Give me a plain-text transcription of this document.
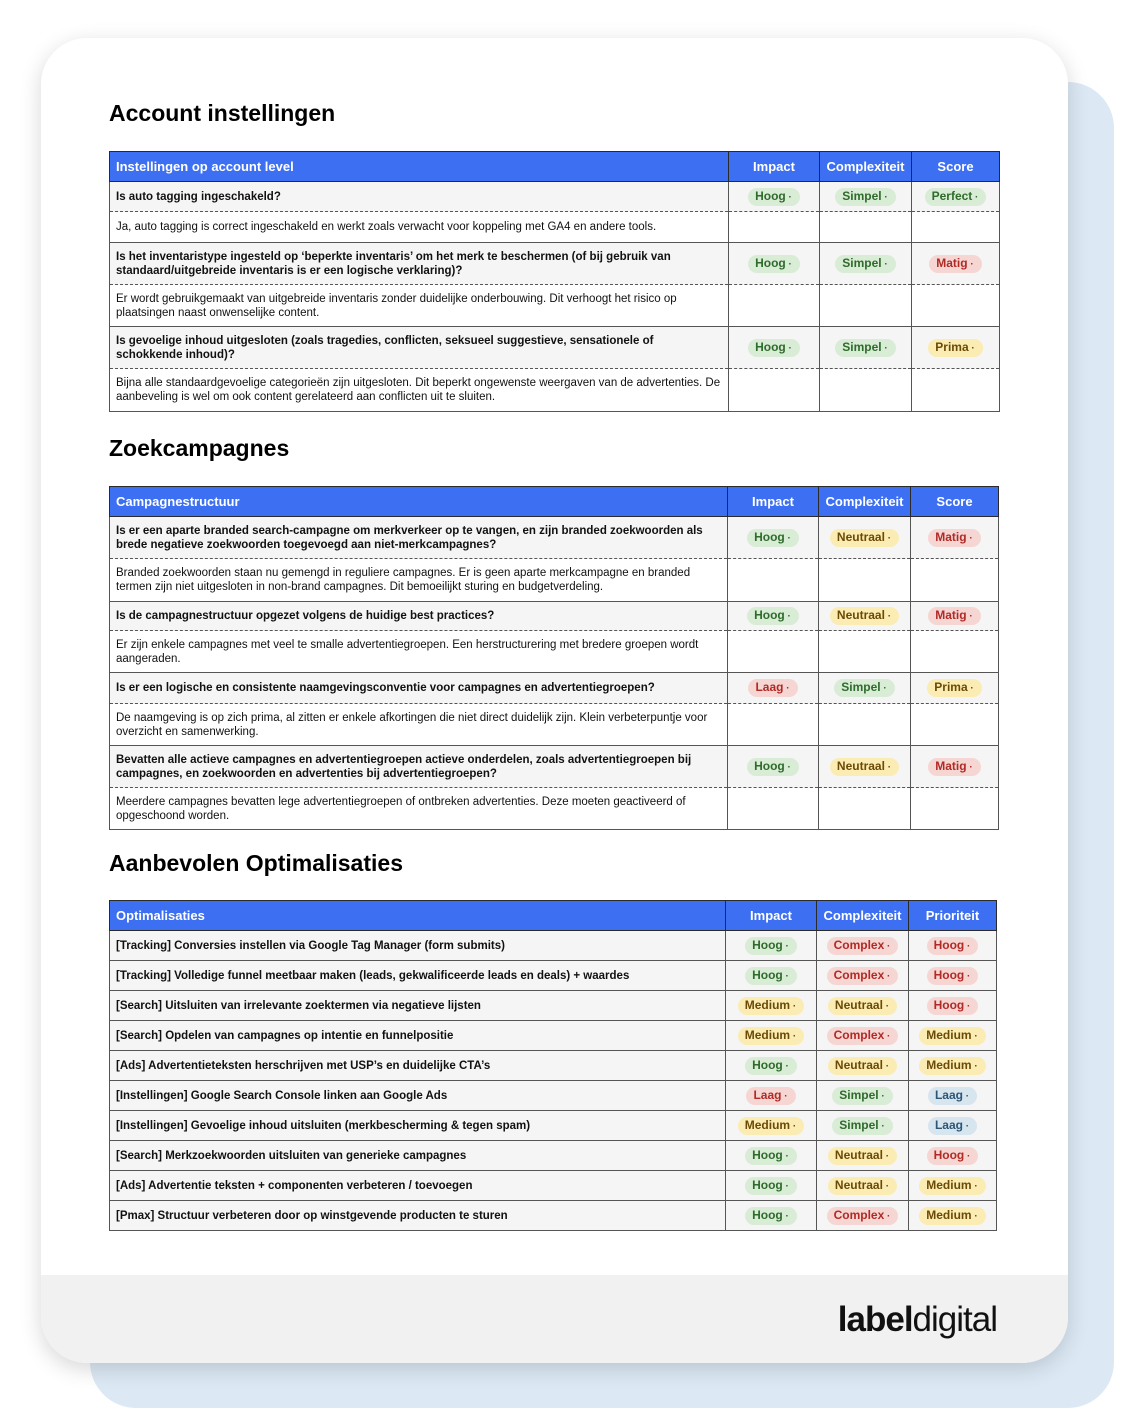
Account instellingen
Instellingen op account level	Impact	Complexiteit	Score
Is auto tagging ingeschakeld?	Hoog ·	Simpel ·	Perfect ·
Ja, auto tagging is correct ingeschakeld en werkt zoals verwacht voor koppeling met GA4 en andere tools.			
Is het inventaristype ingesteld op ‘beperkte inventaris’ om het merk te beschermen (of bij gebruik van standaard/uitgebreide inventaris is er een logische verklaring)?	Hoog ·	Simpel ·	Matig ·
Er wordt gebruikgemaakt van uitgebreide inventaris zonder duidelijke onderbouwing. Dit verhoogt het risico op plaatsingen naast onwenselijke content.			
Is gevoelige inhoud uitgesloten (zoals tragedies, conflicten, seksueel suggestieve, sensationele of schokkende inhoud)?	Hoog ·	Simpel ·	Prima ·
Bijna alle standaardgevoelige categorieën zijn uitgesloten. Dit beperkt ongewenste weergaven van de advertenties. De aanbeveling is wel om ook content gerelateerd aan conflicten uit te sluiten.			
Zoekcampagnes
Campagnestructuur	Impact	Complexiteit	Score
Is er een aparte branded search-campagne om merkverkeer op te vangen, en zijn branded zoekwoorden als brede negatieve zoekwoorden toegevoegd aan niet-merkcampagnes?	Hoog ·	Neutraal ·	Matig ·
Branded zoekwoorden staan nu gemengd in reguliere campagnes. Er is geen aparte merkcampagne en branded termen zijn niet uitgesloten in non-brand campagnes. Dit bemoeilijkt sturing en budgetverdeling.			
Is de campagnestructuur opgezet volgens de huidige best practices?	Hoog ·	Neutraal ·	Matig ·
Er zijn enkele campagnes met veel te smalle advertentiegroepen. Een herstructurering met bredere groepen wordt aangeraden.			
Is er een logische en consistente naamgevingsconventie voor campagnes en advertentiegroepen?	Laag ·	Simpel ·	Prima ·
De naamgeving is op zich prima, al zitten er enkele afkortingen die niet direct duidelijk zijn. Klein verbeterpuntje voor overzicht en samenwerking.			
Bevatten alle actieve campagnes en advertentiegroepen actieve onderdelen, zoals advertentiegroepen bij campagnes, en zoekwoorden en advertenties bij advertentiegroepen?	Hoog ·	Neutraal ·	Matig ·
Meerdere campagnes bevatten lege advertentiegroepen of ontbreken advertenties. Deze moeten geactiveerd of opgeschoond worden.			
Aanbevolen Optimalisaties
Optimalisaties	Impact	Complexiteit	Prioriteit
[Tracking] Conversies instellen via Google Tag Manager (form submits)	Hoog ·	Complex ·	Hoog ·
[Tracking] Volledige funnel meetbaar maken (leads, gekwalificeerde leads en deals) + waardes	Hoog ·	Complex ·	Hoog ·
[Search] Uitsluiten van irrelevante zoektermen via negatieve lijsten	Medium ·	Neutraal ·	Hoog ·
[Search] Opdelen van campagnes op intentie en funnelpositie	Medium ·	Complex ·	Medium ·
[Ads] Advertentieteksten herschrijven met USP’s en duidelijke CTA’s	Hoog ·	Neutraal ·	Medium ·
[Instellingen] Google Search Console linken aan Google Ads	Laag ·	Simpel ·	Laag ·
[Instellingen] Gevoelige inhoud uitsluiten (merkbescherming & tegen spam)	Medium ·	Simpel ·	Laag ·
[Search] Merkzoekwoorden uitsluiten van generieke campagnes	Hoog ·	Neutraal ·	Hoog ·
[Ads] Advertentie teksten + componenten verbeteren / toevoegen	Hoog ·	Neutraal ·	Medium ·
[Pmax] Structuur verbeteren door op winstgevende producten te sturen	Hoog ·	Complex ·	Medium ·
labeldigital
